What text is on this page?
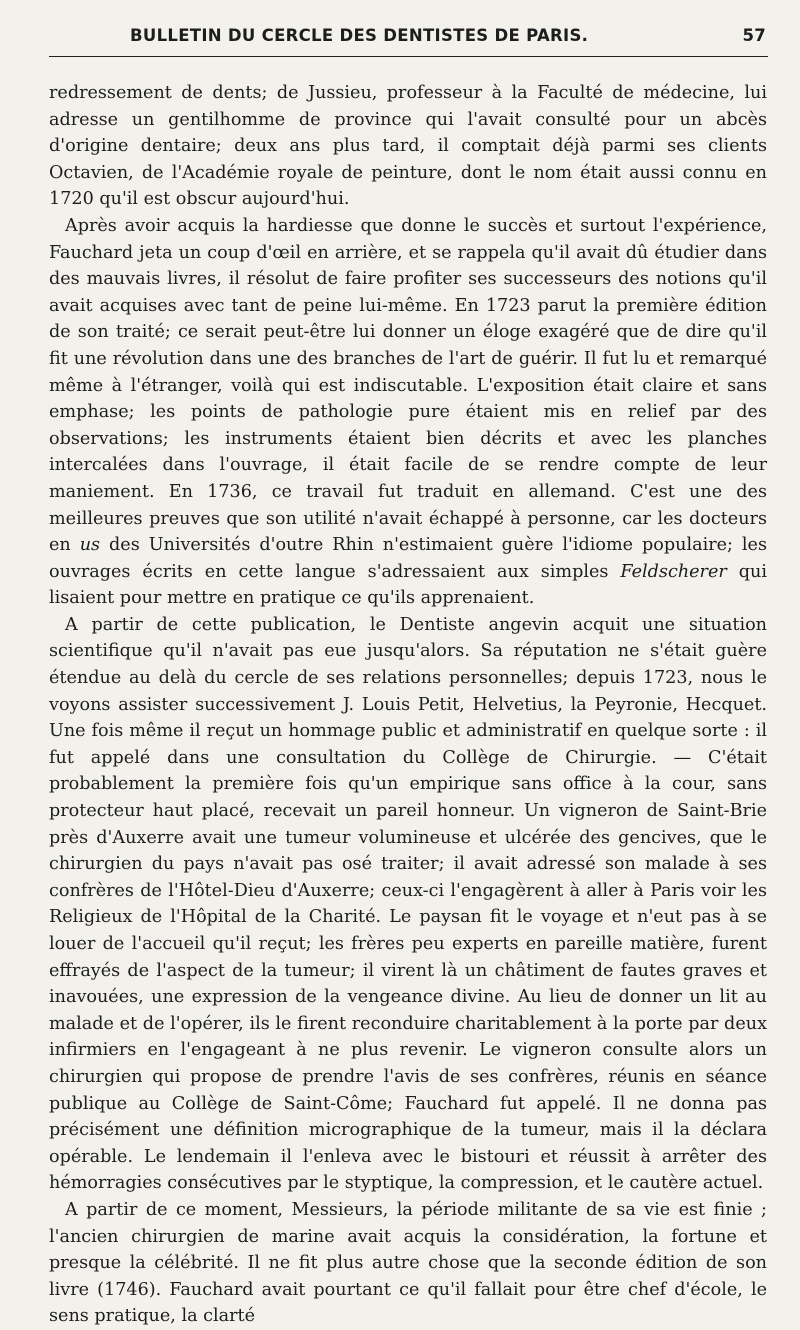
BULLETIN DU CERCLE DES DENTISTES DE PARIS.	57

redressement de dents; de Jussieu, professeur à la Faculté de médecine, lui adresse un gentilhomme de province qui l'avait consulté pour un abcès d'origine dentaire; deux ans plus tard, il comptait déjà parmi ses clients Octavien, de l'Académie royale de peinture, dont le nom était aussi connu en 1720 qu'il est obscur aujourd'hui.

Après avoir acquis la hardiesse que donne le succès et surtout l'expérience, Fauchard jeta un coup d'œil en arrière, et se rappela qu'il avait dû étudier dans des mauvais livres, il résolut de faire profiter ses successeurs des notions qu'il avait acquises avec tant de peine lui-même. En 1723 parut la première édition de son traité; ce serait peut-être lui donner un éloge exagéré que de dire qu'il fit une révolution dans une des branches de l'art de guérir. Il fut lu et remarqué même à l'étranger, voilà qui est indiscutable. L'exposition était claire et sans emphase; les points de pathologie pure étaient mis en relief par des observations; les instruments étaient bien décrits et avec les planches intercalées dans l'ouvrage, il était facile de se rendre compte de leur maniement. En 1736, ce travail fut traduit en allemand. C'est une des meilleures preuves que son utilité n'avait échappé à personne, car les docteurs en us des Universités d'outre Rhin n'estimaient guère l'idiome populaire; les ouvrages écrits en cette langue s'adressaient aux simples Feldscherer qui lisaient pour mettre en pratique ce qu'ils apprenaient.

A partir de cette publication, le Dentiste angevin acquit une situation scientifique qu'il n'avait pas eue jusqu'alors. Sa réputation ne s'était guère étendue au delà du cercle de ses relations personnelles; depuis 1723, nous le voyons assister successivement J. Louis Petit, Helvetius, la Peyronie, Hecquet. Une fois même il reçut un hommage public et administratif en quelque sorte : il fut appelé dans une consultation du Collège de Chirurgie. — C'était probablement la première fois qu'un empirique sans office à la cour, sans protecteur haut placé, recevait un pareil honneur. Un vigneron de Saint-Brie près d'Auxerre avait une tumeur volumineuse et ulcérée des gencives, que le chirurgien du pays n'avait pas osé traiter; il avait adressé son malade à ses confrères de l'Hôtel-Dieu d'Auxerre; ceux-ci l'engagèrent à aller à Paris voir les Religieux de l'Hôpital de la Charité. Le paysan fit le voyage et n'eut pas à se louer de l'accueil qu'il reçut; les frères peu experts en pareille matière, furent effrayés de l'aspect de la tumeur; il virent là un châtiment de fautes graves et inavouées, une expression de la vengeance divine. Au lieu de donner un lit au malade et de l'opérer, ils le firent reconduire charitablement à la porte par deux infirmiers en l'engageant à ne plus revenir. Le vigneron consulte alors un chirurgien qui propose de prendre l'avis de ses confrères, réunis en séance publique au Collège de Saint-Côme; Fauchard fut appelé. Il ne donna pas précisément une définition micrographique de la tumeur, mais il la déclara opérable. Le lendemain il l'enleva avec le bistouri et réussit à arrêter des hémorragies consécutives par le styptique, la compression, et le cautère actuel.

A partir de ce moment, Messieurs, la période militante de sa vie est finie ; l'ancien chirurgien de marine avait acquis la considération, la fortune et presque la célébrité. Il ne fit plus autre chose que la seconde édition de son livre (1746). Fauchard avait pourtant ce qu'il fallait pour être chef d'école, le sens pratique, la clarté
